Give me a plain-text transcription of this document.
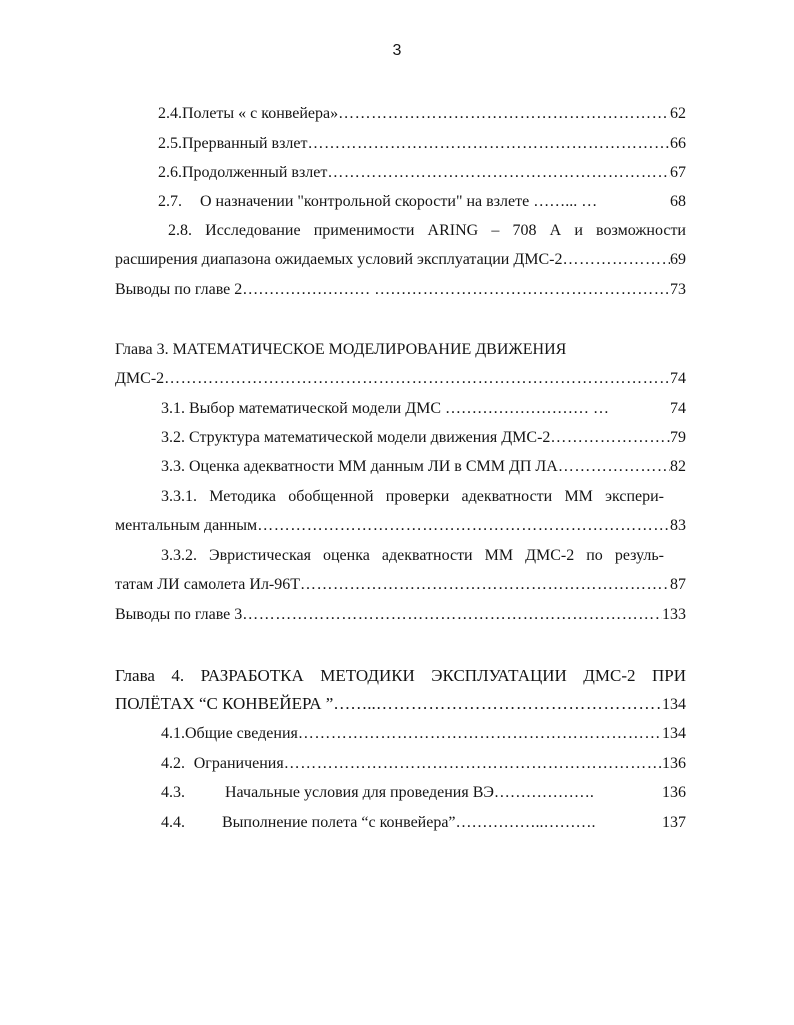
3
2.4. Полеты « с конвейера» ……………………………………………………………………………………………………………………………………	62
2.5. Прерванный взлет ……………………………………………………………………………………………………………………………………	66
2.6. Продолженный взлет ……………………………………………………………………………………………………………………………………	67
2.7.	О назначении "контрольной скорости" на взлете ……... …	68
2.8. Исследование применимости ARING – 708 А и возможности
расширения диапазона ожидаемых условий эксплуатации ДМС-2 ……………………………………………………………………………………………………………………………………	69
Выводы по главе 2…………………… …… ……………………………………………………………………………………………………………………………………	73
Глава 3. МАТЕМАТИЧЕСКОЕ МОДЕЛИРОВАНИЕ ДВИЖЕНИЯ
ДМС-2 ……………………………………………………………………………………………………………………………………	74
3.1. Выбор математической модели ДМС ……………………… …	74
3.2. Структура математической модели движения ДМС-2 ……………………………………………………………………………………………………………………………………	79
3.3. Оценка адекватности ММ данным ЛИ в СММ ДП ЛА ……………………………………………………………………………………………………………………………………	82
3.3.1. Методика обобщенной проверки адекватности ММ экспери-
ментальным данным ……………………………………………………………………………………………………………………………………	83
3.3.2. Эвристическая оценка адекватности ММ ДМС-2 по резуль-
татам ЛИ самолета Ил-96Т ……………………………………………………………………………………………………………………………………	87
Выводы по главе 3 ……………………………………………………………………………………………………………………………………	133
Глава 4. РАЗРАБОТКА МЕТОДИКИ ЭКСПЛУАТАЦИИ ДМС-2 ПРИ
ПОЛЁТАХ “С КОНВЕЙЕРА ”…….. ……………………………………………………………………………………………………………………………………	134
4.1. Общие сведения ……………………………………………………………………………………………………………………………………	134
4.2. Ограничения ……………………………………………………………………………………………………………………………………	136
4.3.	Начальные условия для проведения ВЭ……………….	136
4.4.	Выполнение полета “с конвейера”……………..……….	137
